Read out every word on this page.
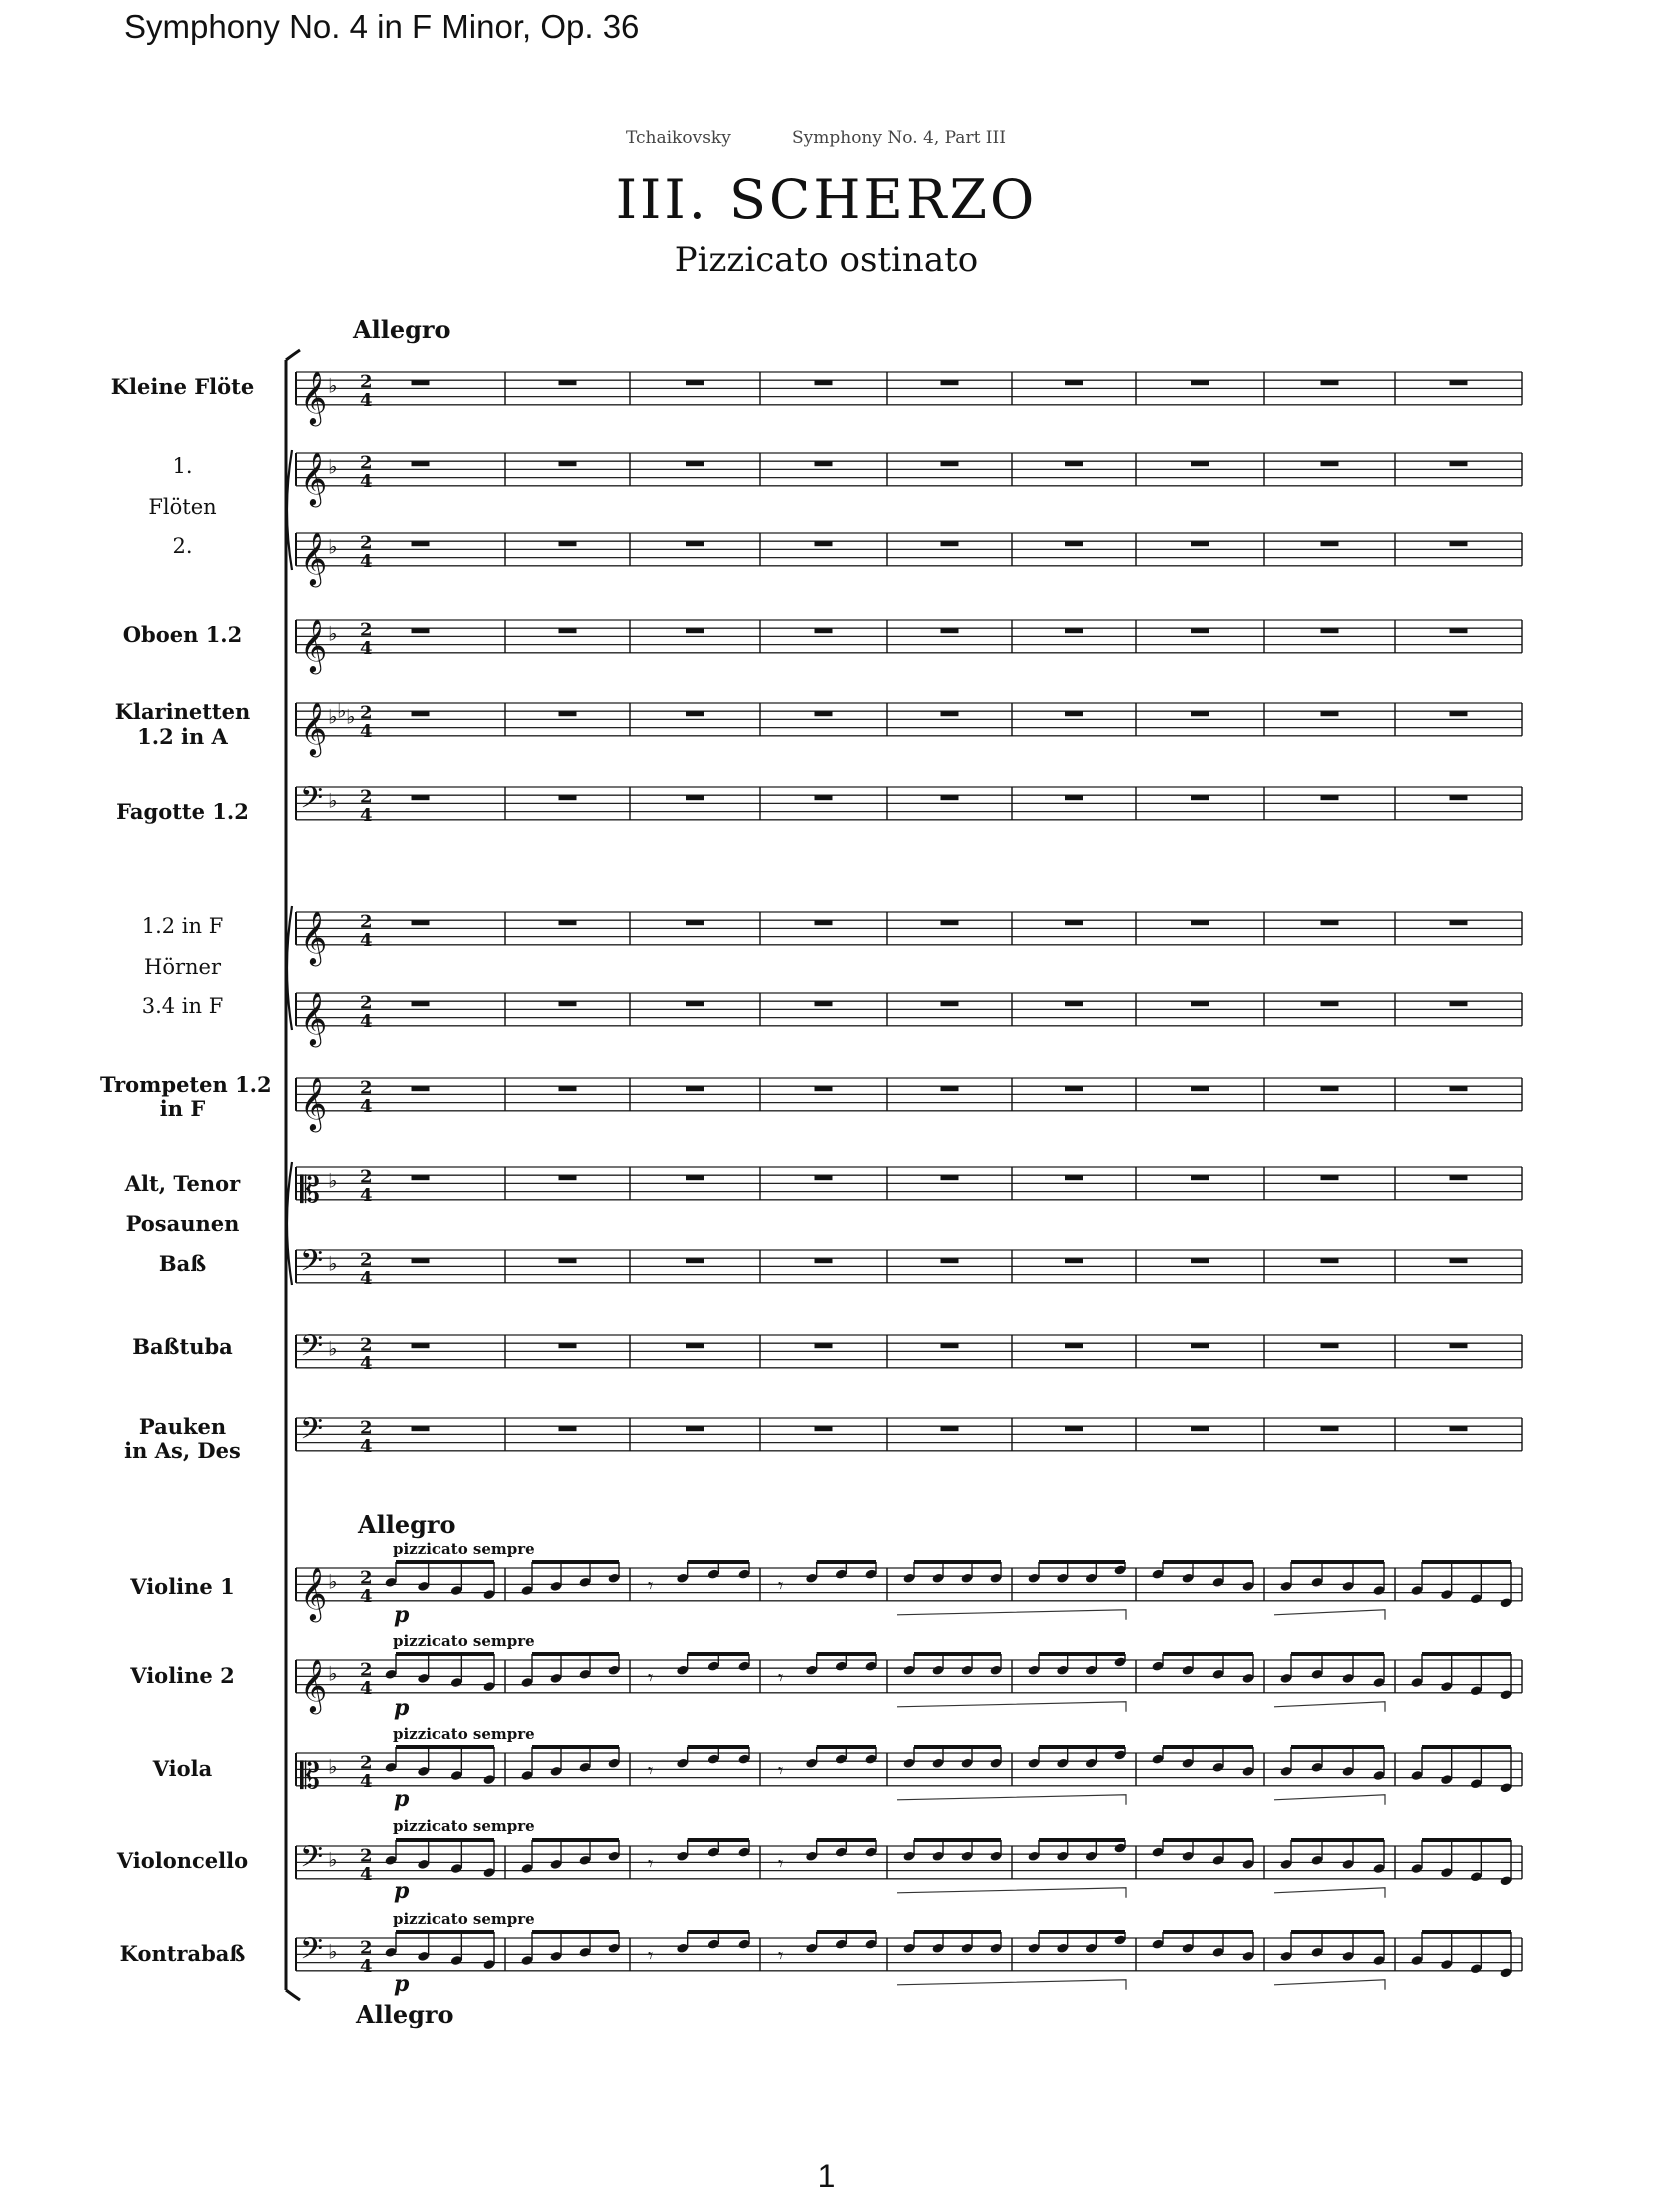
Symphony No. 4 in F Minor, Op. 36
Tchaikovsky	Symphony No. 4, Part III
III. SCHERZO
Pizzicato ostinato
Allegro
Allegro
Allegro
Kleine Flöte
1.
Flöten
2.
Oboen 1.2
Klarinetten
1.2 in A
Fagotte 1.2
1.2 in F
Hörner
3.4 in F
Trompeten 1.2
in F
Alt, Tenor
Posaunen
Baß
Baßtuba
Pauken
in As, Des
Violine 1
Violine 2
Viola
Violoncello
Kontrabaß
pizzicato sempre
pizzicato sempre
pizzicato sempre
pizzicato sempre
pizzicato sempre
p
p
p
p
p
𝄞 ♭ 2
4
𝄞 ♭ 2
4
𝄞 ♭ 2
4
𝄞 ♭ 2
4
𝄞 ♭ ♭ ♭ 2
4
𝄢 ♭ 2
4
𝄞 2
4
𝄞 2
4
𝄞 2
4
𝄡 ♭ 2
4
𝄢 ♭ 2
4
𝄢 ♭ 2
4
𝄢 2
4
𝄞 ♭ 2
4	𝄾	𝄾
𝄞 ♭ 2
4	𝄾	𝄾
𝄡 ♭ 2
4	𝄾	𝄾
𝄢 ♭ 2
4	𝄾	𝄾
𝄢 ♭ 2
4	𝄾	𝄾
1
